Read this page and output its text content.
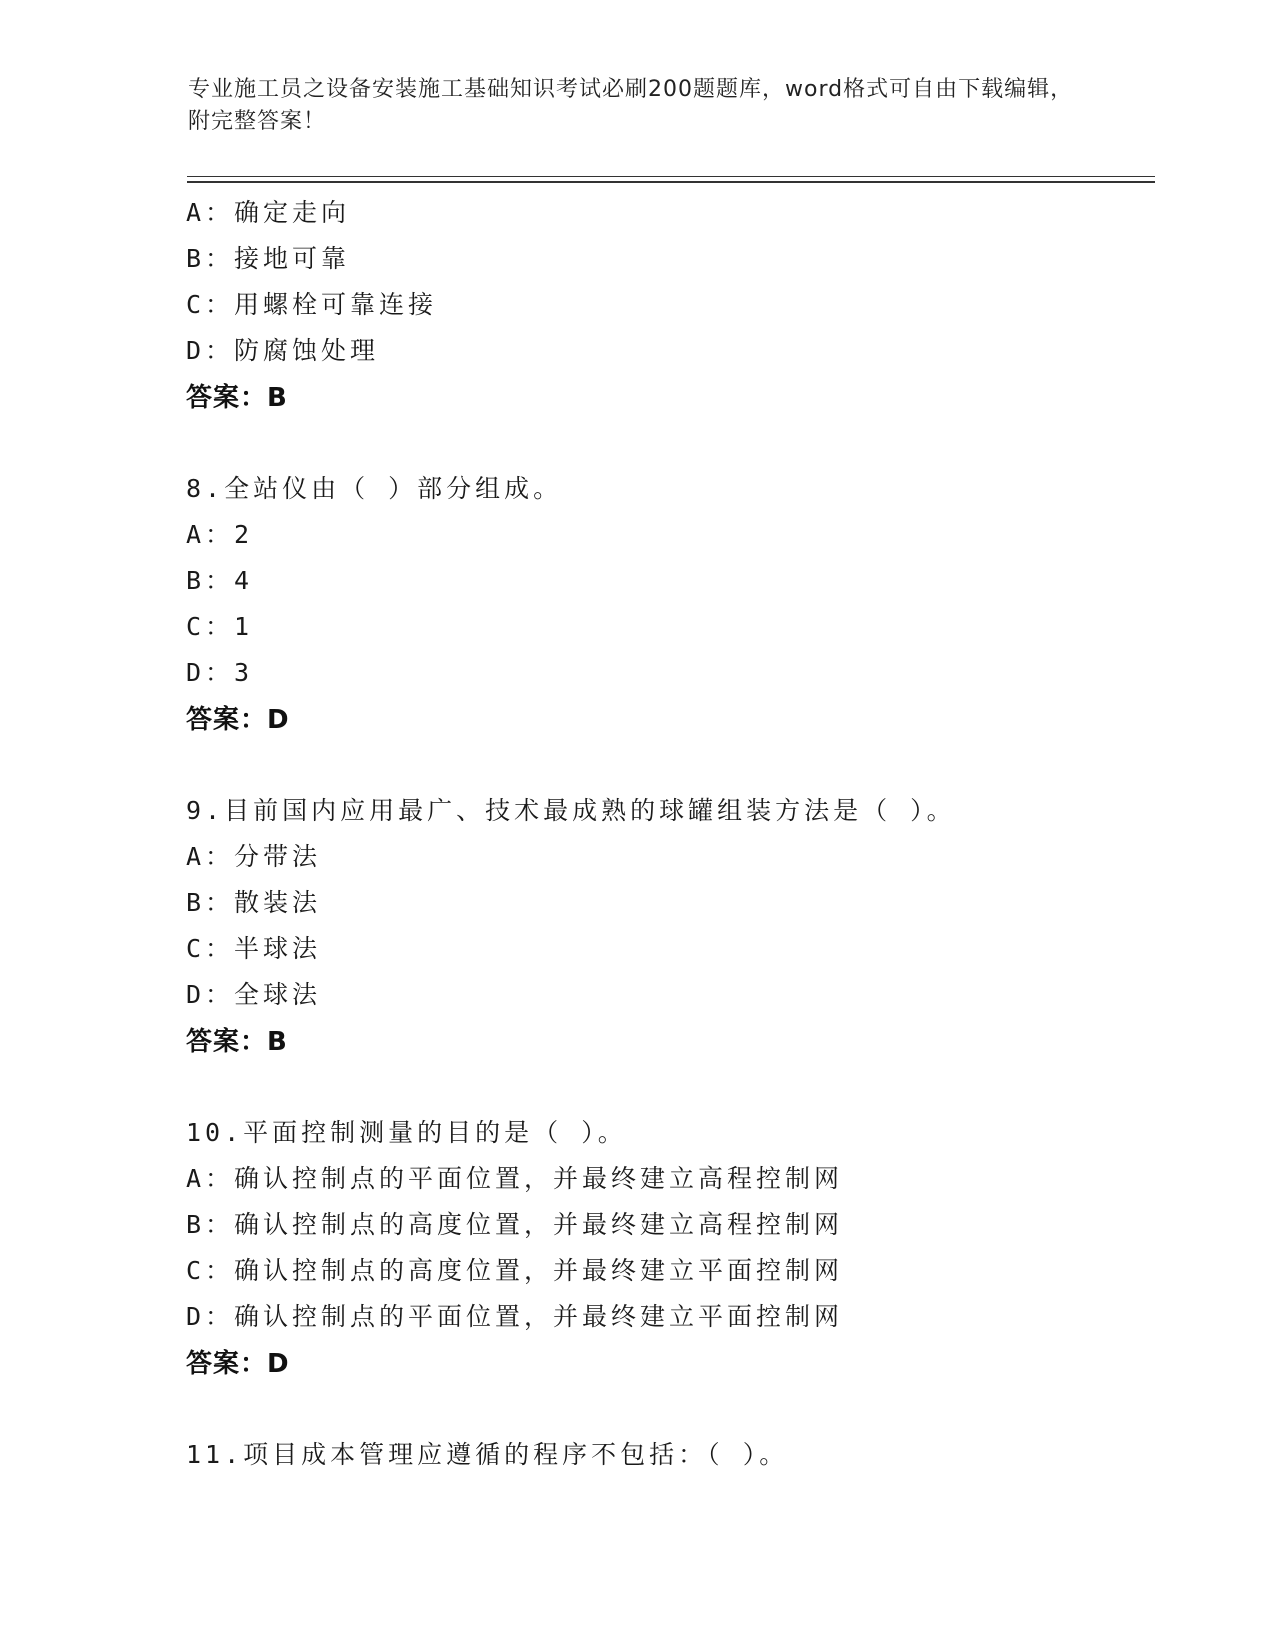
专业施工员之设备安装施工基础知识考试必刷200题题库，word格式可自由下载编辑，附完整答案！
A：确定走向
B：接地可靠
C：用螺栓可靠连接
D：防腐蚀处理
答案：B
8.全站仪由（ ）部分组成。
A：2
B：4
C：1
D：3
答案：D
9.目前国内应用最广、技术最成熟的球罐组装方法是（ ）。
A：分带法
B：散装法
C：半球法
D：全球法
答案：B
10.平面控制测量的目的是（ ）。
A：确认控制点的平面位置，并最终建立高程控制网
B：确认控制点的高度位置，并最终建立高程控制网
C：确认控制点的高度位置，并最终建立平面控制网
D：确认控制点的平面位置，并最终建立平面控制网
答案：D
11.项目成本管理应遵循的程序不包括：（ ）。
